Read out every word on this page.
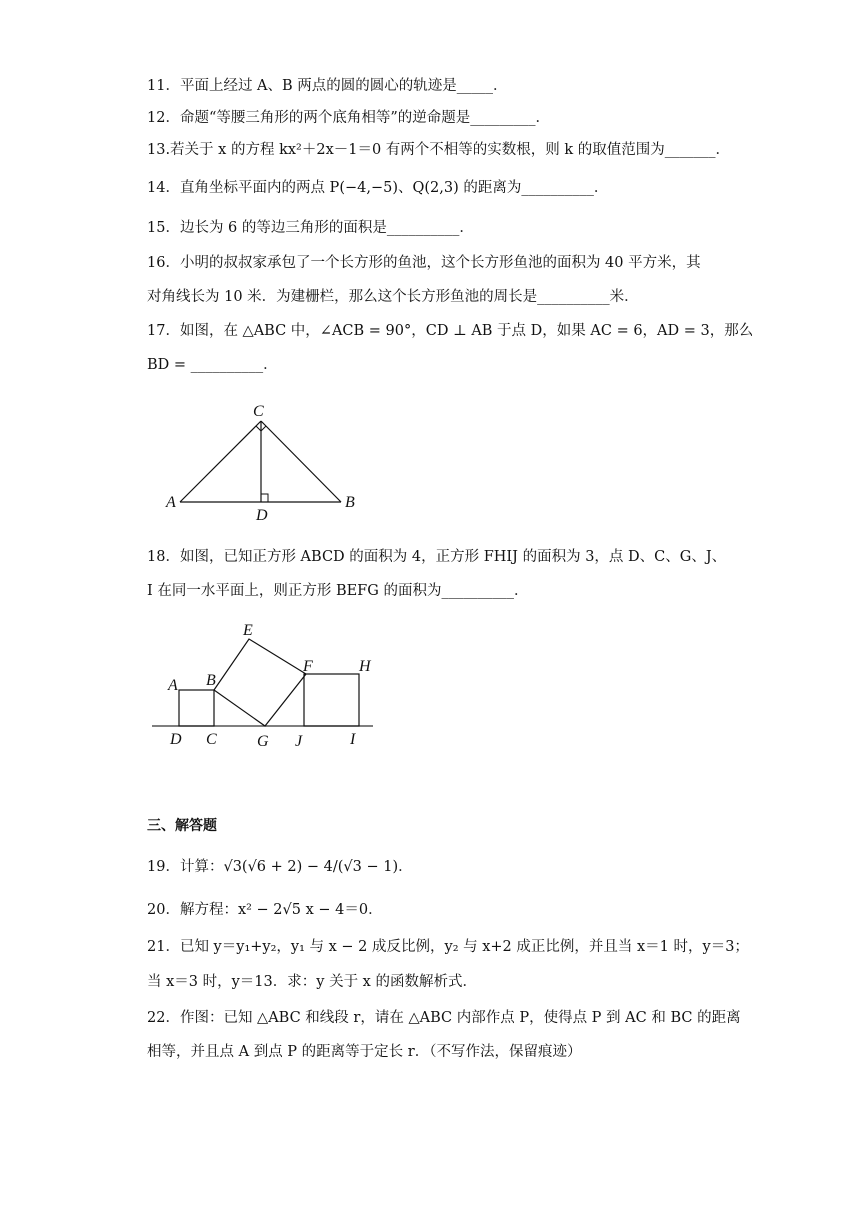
11．平面上经过 A、B 两点的圆的圆心的轨迹是_____．
12．命题“等腰三角形的两个底角相等”的逆命题是_________．
13.若关于 x 的方程 kx²＋2x－1＝0 有两个不相等的实数根，则 k 的取值范围为_______．
14．直角坐标平面内的两点 P(−4,−5)、Q(2,3) 的距离为__________．
15．边长为 6 的等边三角形的面积是__________．
16．小明的叔叔家承包了一个长方形的鱼池，这个长方形鱼池的面积为 40 平方米，其
对角线长为 10 米．为建栅栏，那么这个长方形鱼池的周长是__________米．
17．如图，在 △ABC 中，∠ACB = 90°，CD ⊥ AB 于点 D，如果 AC = 6，AD = 3，那么
BD = __________．
C
A	B
D
18．如图，已知正方形 ABCD 的面积为 4，正方形 FHIJ 的面积为 3，点 D、C、G、J、
I 在同一水平面上，则正方形 BEFG 的面积为__________．
E
A B
F	H
D C	G J	I
三、解答题
19．计算：√3(√6 + 2) − 4/(√3 − 1)．
20．解方程：x² − 2√5 x − 4＝0．
21．已知 y＝y₁+y₂，y₁ 与 x − 2 成反比例，y₂ 与 x+2 成正比例，并且当 x＝1 时，y＝3；
当 x＝3 时，y＝13．求：y 关于 x 的函数解析式．
22．作图：已知 △ABC 和线段 r，请在 △ABC 内部作点 P，使得点 P 到 AC 和 BC 的距离
相等，并且点 A 到点 P 的距离等于定长 r．（不写作法，保留痕迹）
